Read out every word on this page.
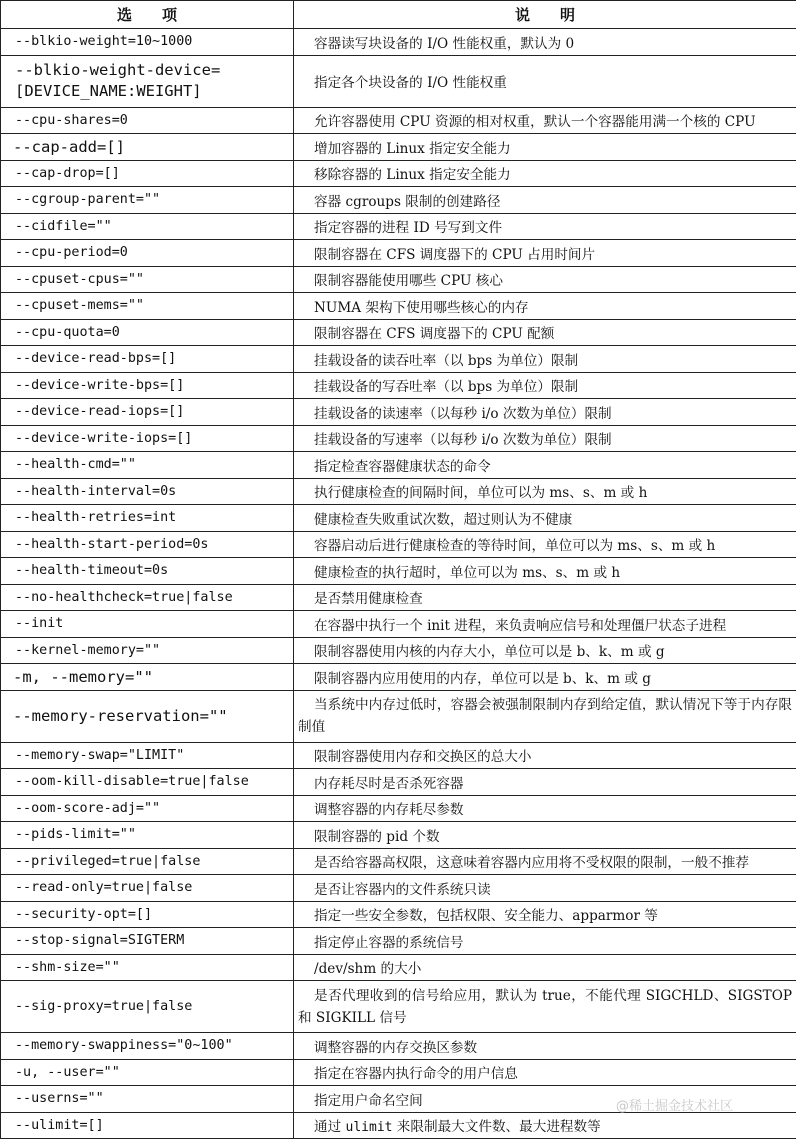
选 项	说 明
--blkio-weight=10~1000	容器读写块设备的 I/O 性能权重，默认为 0
--blkio-weight-device=[DEVICE_NAME:WEIGHT]	指定各个块设备的 I/O 性能权重
--cpu-shares=0	允许容器使用 CPU 资源的相对权重，默认一个容器能用满一个核的 CPU
--cap-add=[]	增加容器的 Linux 指定安全能力
--cap-drop=[]	移除容器的 Linux 指定安全能力
--cgroup-parent=""	容器 cgroups 限制的创建路径
--cidfile=""	指定容器的进程 ID 号写到文件
--cpu-period=0	限制容器在 CFS 调度器下的 CPU 占用时间片
--cpuset-cpus=""	限制容器能使用哪些 CPU 核心
--cpuset-mems=""	NUMA 架构下使用哪些核心的内存
--cpu-quota=0	限制容器在 CFS 调度器下的 CPU 配额
--device-read-bps=[]	挂载设备的读吞吐率（以 bps 为单位）限制
--device-write-bps=[]	挂载设备的写吞吐率（以 bps 为单位）限制
--device-read-iops=[]	挂载设备的读速率（以每秒 i/o 次数为单位）限制
--device-write-iops=[]	挂载设备的写速率（以每秒 i/o 次数为单位）限制
--health-cmd=""	指定检查容器健康状态的命令
--health-interval=0s	执行健康检查的间隔时间，单位可以为 ms、s、m 或 h
--health-retries=int	健康检查失败重试次数，超过则认为不健康
--health-start-period=0s	容器启动后进行健康检查的等待时间，单位可以为 ms、s、m 或 h
--health-timeout=0s	健康检查的执行超时，单位可以为 ms、s、m 或 h
--no-healthcheck=true|false	是否禁用健康检查
--init	在容器中执行一个 init 进程，来负责响应信号和处理僵尸状态子进程
--kernel-memory=""	限制容器使用内核的内存大小，单位可以是 b、k、m 或 g
-m, --memory=""	限制容器内应用使用的内存，单位可以是 b、k、m 或 g
--memory-reservation=""	当系统中内存过低时，容器会被强制限制内存到给定值，默认情况下等于内存限制值
--memory-swap="LIMIT"	限制容器使用内存和交换区的总大小
--oom-kill-disable=true|false	内存耗尽时是否杀死容器
--oom-score-adj=""	调整容器的内存耗尽参数
--pids-limit=""	限制容器的 pid 个数
--privileged=true|false	是否给容器高权限，这意味着容器内应用将不受权限的限制，一般不推荐
--read-only=true|false	是否让容器内的文件系统只读
--security-opt=[]	指定一些安全参数，包括权限、安全能力、apparmor 等
--stop-signal=SIGTERM	指定停止容器的系统信号
--shm-size=""	/dev/shm 的大小
--sig-proxy=true|false	是否代理收到的信号给应用，默认为 true，不能代理 SIGCHLD、SIGSTOP 和 SIGKILL 信号
--memory-swappiness="0~100"	调整容器的内存交换区参数
-u, --user=""	指定在容器内执行命令的用户信息
--userns=""	指定用户命名空间
--ulimit=[]	通过 ulimit 来限制最大文件数、最大进程数等
@稀土掘金技术社区
